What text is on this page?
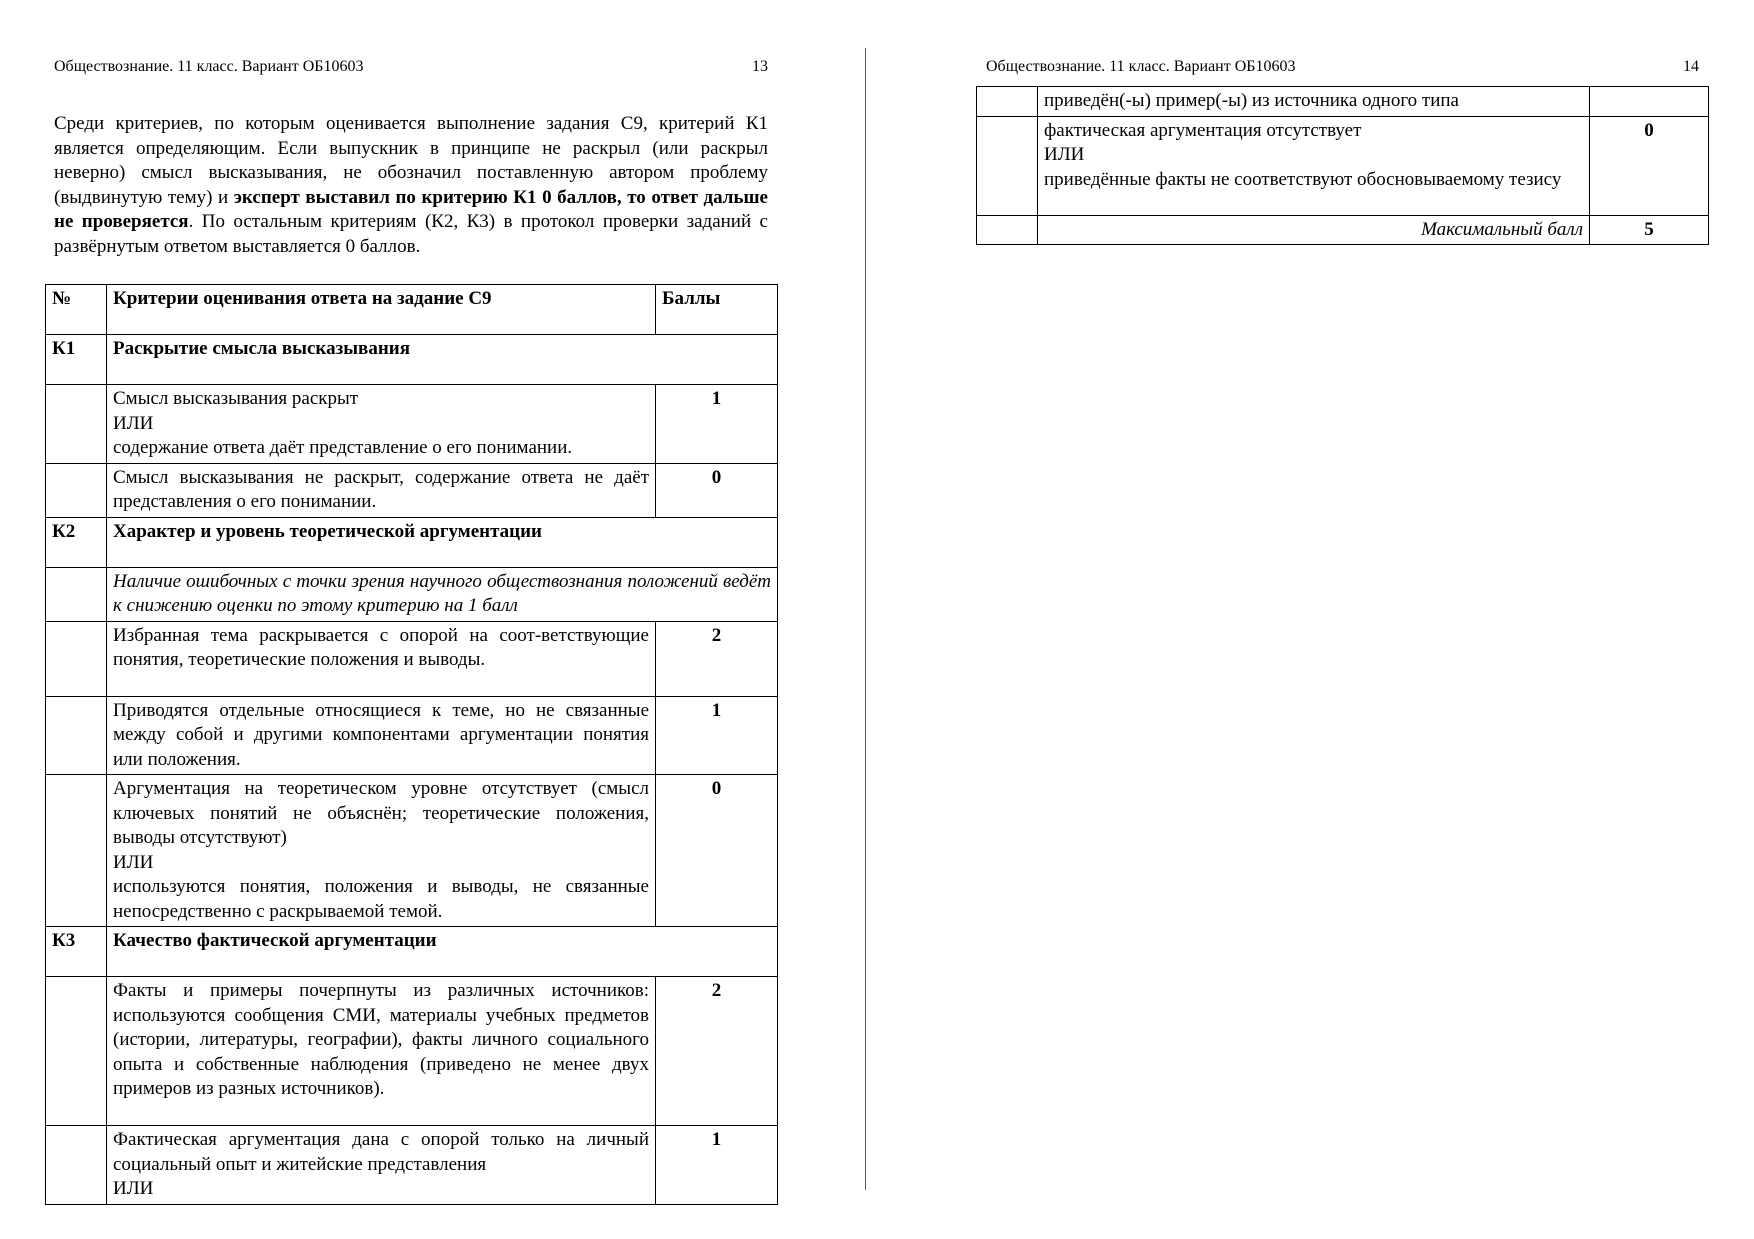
Обществознание. 11 класс. Вариант ОБ10603	13
Среди критериев, по которым оценивается выполнение задания С9, критерий К1 является определяющим. Если выпускник в принципе не раскрыл (или раскрыл неверно) смысл высказывания, не обозначил поставленную автором проблему (выдвинутую тему) и эксперт выставил по критерию К1 0 баллов, то ответ дальше не проверяется. По остальным критериям (К2, К3) в протокол проверки заданий с развёрнутым ответом выставляется 0 баллов.
№	Критерии оценивания ответа на задание С9	Баллы
К1	Раскрытие смысла высказывания	
	Смысл высказывания раскрыт
ИЛИ
содержание ответа даёт представление о его понимании.	1
	Смысл высказывания не раскрыт, содержание ответа не даёт представления о его понимании.	0
К2	Характер и уровень теоретической аргументации	
	Наличие ошибочных с точки зрения научного обществознания положений ведёт к снижению оценки по этому критерию на 1 балл	
	Избранная тема раскрывается с опорой на соот-ветствующие понятия, теоретические положения и выводы.	2
	Приводятся отдельные относящиеся к теме, но не связанные между собой и другими компонентами аргументации понятия или положения.	1
	Аргументация на теоретическом уровне отсутствует (смысл ключевых понятий не объяснён; теоретические положения, выводы отсутствуют)
ИЛИ
используются понятия, положения и выводы, не связанные непосредственно с раскрываемой темой.	0
К3	Качество фактической аргументации	
	Факты и примеры почерпнуты из различных источников: используются сообщения СМИ, материалы учебных предметов (истории, литературы, географии), факты личного социального опыта и собственные наблюдения (приведено не менее двух примеров из разных источников).	2
	Фактическая аргументация дана с опорой только на личный социальный опыт и житейские представления
ИЛИ	1
Обществознание. 11 класс. Вариант ОБ10603	14
	приведён(-ы) пример(-ы) из источника одного типа	
	фактическая аргументация отсутствует
ИЛИ
приведённые факты не соответствуют обосновываемому тезису	0
	Максимальный балл	5
